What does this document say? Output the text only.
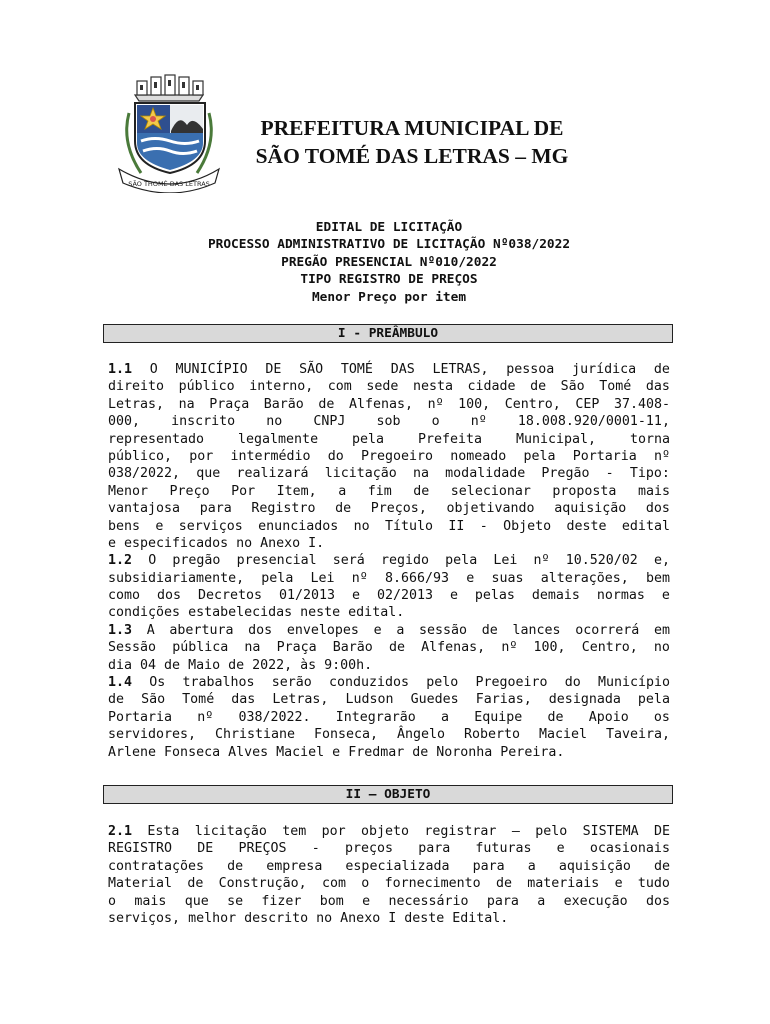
SÃO THOMÉ DAS LETRAS
PREFEITURA MUNICIPAL DE
SÃO TOMÉ DAS LETRAS – MG
EDITAL DE LICITAÇÃO
PROCESSO ADMINISTRATIVO DE LICITAÇÃO Nº038/2022
PREGÃO PRESENCIAL Nº010/2022
TIPO REGISTRO DE PREÇOS
Menor Preço por item
I - PREÂMBULO
1.1 O MUNICÍPIO DE SÃO TOMÉ DAS LETRAS, pessoa jurídica de
direito público interno, com sede nesta cidade de São Tomé das
Letras, na Praça Barão de Alfenas, nº 100, Centro, CEP 37.408-
000, inscrito no CNPJ sob o nº 18.008.920/0001-11,
representado	legalmente	pela	Prefeita	Municipal,	torna
público, por intermédio do Pregoeiro nomeado pela Portaria nº
038/2022, que realizará licitação na modalidade Pregão - Tipo:
Menor Preço Por Item, a fim de selecionar proposta mais
vantajosa para Registro de Preços, objetivando aquisição dos
bens e serviços enunciados no Título II - Objeto deste edital
e especificados no Anexo I.
1.2 O pregão presencial será regido pela Lei nº 10.520/02 e,
subsidiariamente, pela Lei nº 8.666/93 e suas alterações, bem
como dos Decretos 01/2013 e 02/2013 e pelas demais normas e
condições estabelecidas neste edital.
1.3 A abertura dos envelopes e a sessão de lances ocorrerá em
Sessão pública na Praça Barão de Alfenas, nº 100, Centro, no
dia 04 de Maio de 2022, às 9:00h.
1.4 Os trabalhos serão conduzidos pelo Pregoeiro do Município
de São Tomé das Letras, Ludson Guedes Farias, designada pela
Portaria nº 038/2022. Integrarão a Equipe de Apoio os
servidores, Christiane Fonseca, Ângelo Roberto Maciel Taveira,
Arlene Fonseca Alves Maciel e Fredmar de Noronha Pereira.
II – OBJETO
2.1 Esta licitação tem por objeto registrar – pelo SISTEMA DE
REGISTRO DE PREÇOS - preços para futuras e ocasionais
contratações de empresa especializada para a aquisição de
Material de Construção, com o fornecimento de materiais e tudo
o mais que se fizer bom e necessário para a execução dos
serviços, melhor descrito no Anexo I deste Edital.
